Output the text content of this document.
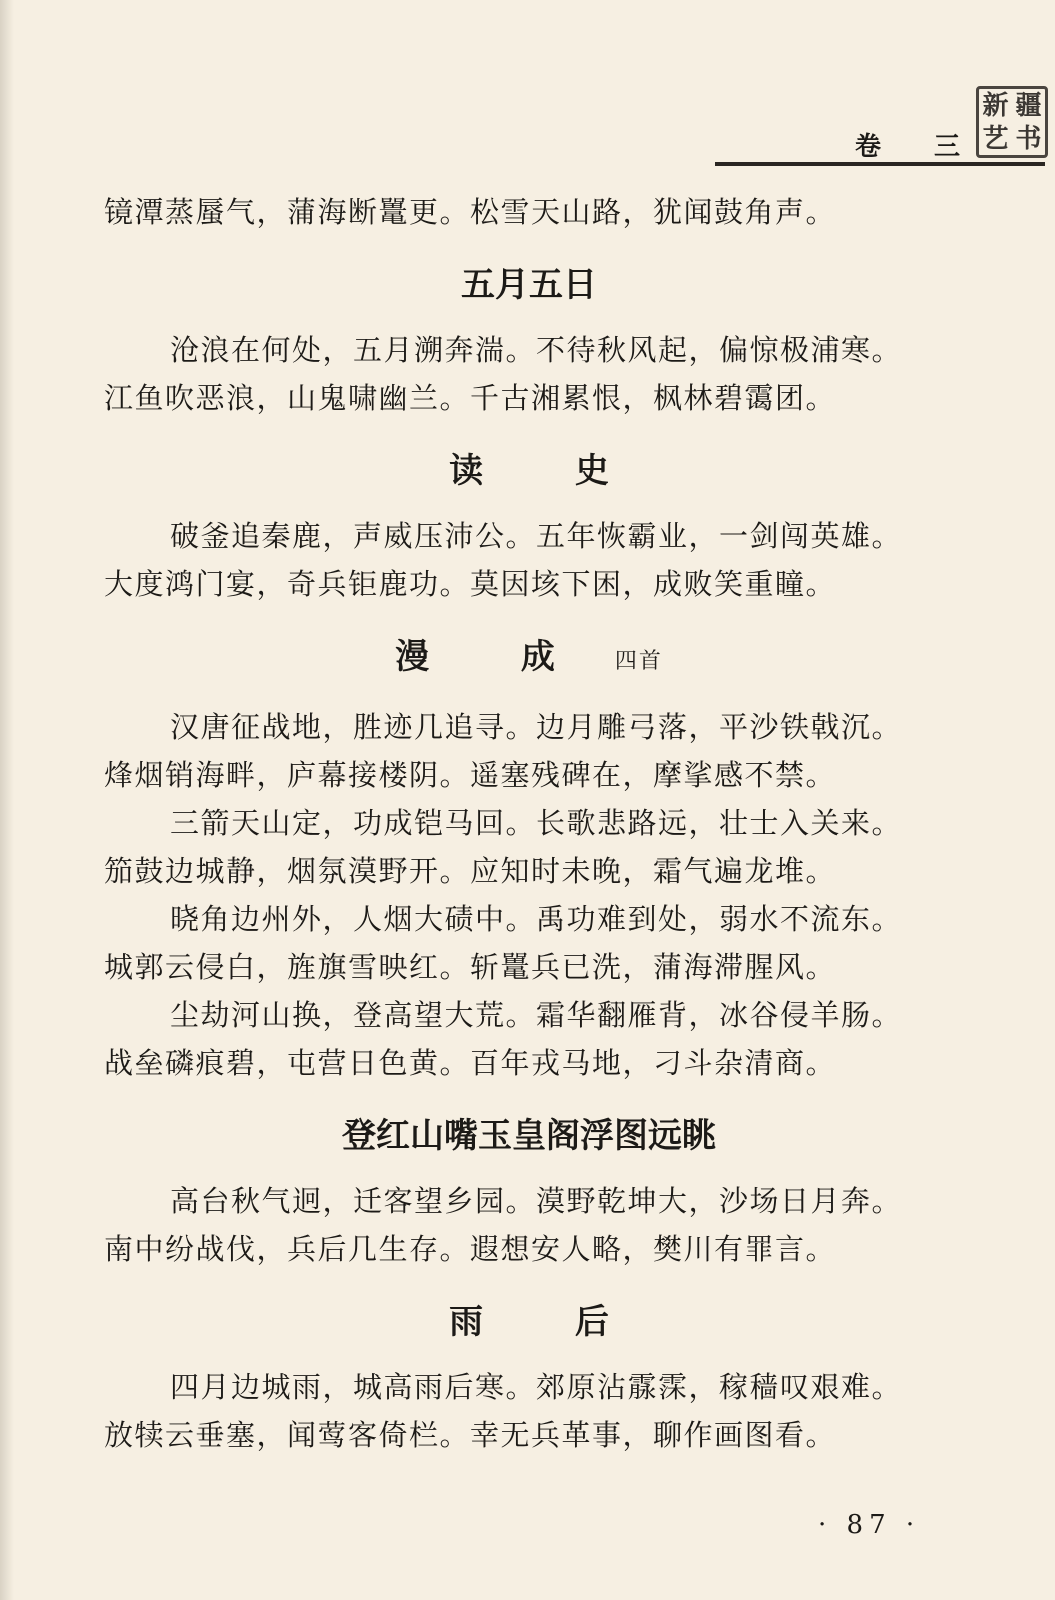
新 疆
艺 书
卷 三
镜潭蒸蜃气，蒲海断鼍更。松雪天山路，犹闻鼓角声。
五月五日
沧浪在何处，五月溯奔湍。不待秋风起，偏惊极浦寒。
江鱼吹恶浪，山鬼啸幽兰。千古湘累恨，枫林碧霭团。
读 史
破釜追秦鹿，声威压沛公。五年恢霸业，一剑闯英雄。
大度鸿门宴，奇兵钜鹿功。莫因垓下困，成败笑重瞳。
漫 成 四首
汉唐征战地，胜迹几追寻。边月雕弓落，平沙铁戟沉。
烽烟销海畔，庐幕接楼阴。遥塞残碑在，摩挲感不禁。
三箭天山定，功成铠马回。长歌悲路远，壮士入关来。
笳鼓边城静，烟氛漠野开。应知时未晚，霜气遍龙堆。
晓角边州外，人烟大碛中。禹功难到处，弱水不流东。
城郭云侵白，旌旗雪映红。斩鼍兵已洗，蒲海滞腥风。
尘劫河山换，登高望大荒。霜华翻雁背，冰谷侵羊肠。
战垒磷痕碧，屯营日色黄。百年戎马地，刁斗杂清商。
登红山嘴玉皇阁浮图远眺
高台秋气迥，迁客望乡园。漠野乾坤大，沙场日月奔。
南中纷战伐，兵后几生存。遐想安人略，樊川有罪言。
雨 后
四月边城雨，城高雨后寒。郊原沾霡霂，稼穑叹艰难。
放犊云垂塞，闻莺客倚栏。幸无兵革事，聊作画图看。
· 87 ·
